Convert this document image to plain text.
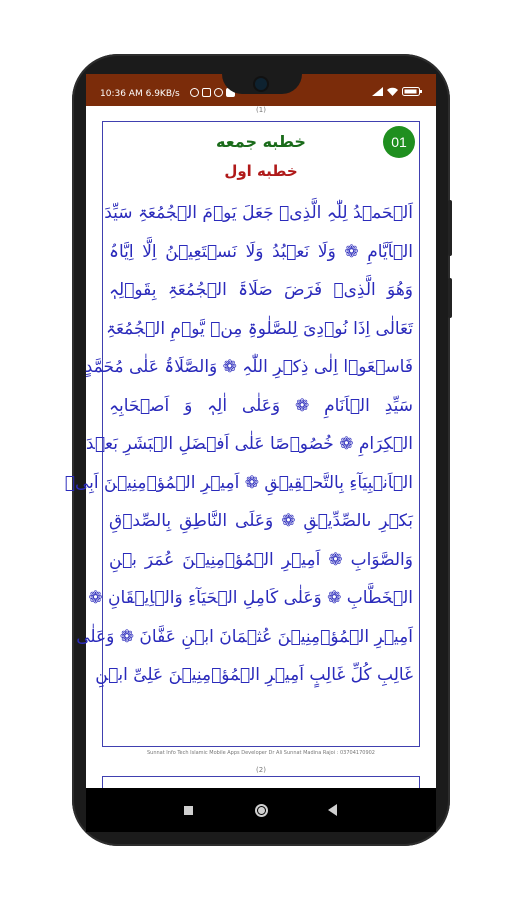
10:36 AM 6.9KB/s
(1)
01
خطبه جمعه
خطبه اول
اَلۡحَمۡدُ لِلّٰہِ الَّذِیۡ جَعَلَ یَوۡمَ الۡجُمُعَۃِ سَیِّدَ
الۡاَیَّامِ ❁ وَلَا نَعۡبُدُ وَلَا نَسۡتَعِیۡنُ اِلَّا اِیَّاہُ
وَھُوَ الَّذِیۡ فَرَضَ صَلَاۃَ الۡجُمُعَۃِ بِقَوۡلِہٖ
تَعَالٰی اِذَا نُوۡدِیَ لِلصَّلٰوۃِ مِنۡ یَّوۡمِ الۡجُمُعَۃِ
فَاسۡعَوۡا اِلٰی ذِکۡرِ اللّٰہِ ❁ وَالصَّلَاۃُ عَلٰی مُحَمَّدٍ
سَیِّدِ الۡاَنَامِ ❁ وَعَلٰی اٰلِہٖ وَ اَصۡحَابِہِ
الۡکِرَامِ ❁ خُصُوۡصًا عَلٰی اَفۡضَلِ الۡبَشَرِ بَعۡدَ
الۡاَنۡبِیَآءِ بِالتَّحۡقِیۡقِ ❁ اَمِیۡرِ الۡمُؤۡمِنِیۡنَ اَبِیۡ
بَکۡرِ ںالصِّدِّیۡقِ ❁ وَعَلَی النَّاطِقِ بِالصِّدۡقِ
وَالصَّوَابِ ❁ اَمِیۡرِ الۡمُؤۡمِنِیۡنَ عُمَرَ بۡنِ
الۡخَطَّابِ ❁ وَعَلٰی کَامِلِ الۡحَیَآءِ وَالۡاِیۡقَانِ ❁
اَمِیۡرِ الۡمُؤۡمِنِیۡنَ عُثۡمَانَ ابۡنِ عَفَّانَ ❁ وَعَلٰی
غَالِبِ کُلِّ غَالِبٍ اَمِیۡرِ الۡمُؤۡمِنِیۡنَ عَلِیِّ ابۡنِ
Sunnat Info Tech Islamic Mobile Apps Developer Dr Ali Sunnat Madina Rajoi : 03704170902
(2)
